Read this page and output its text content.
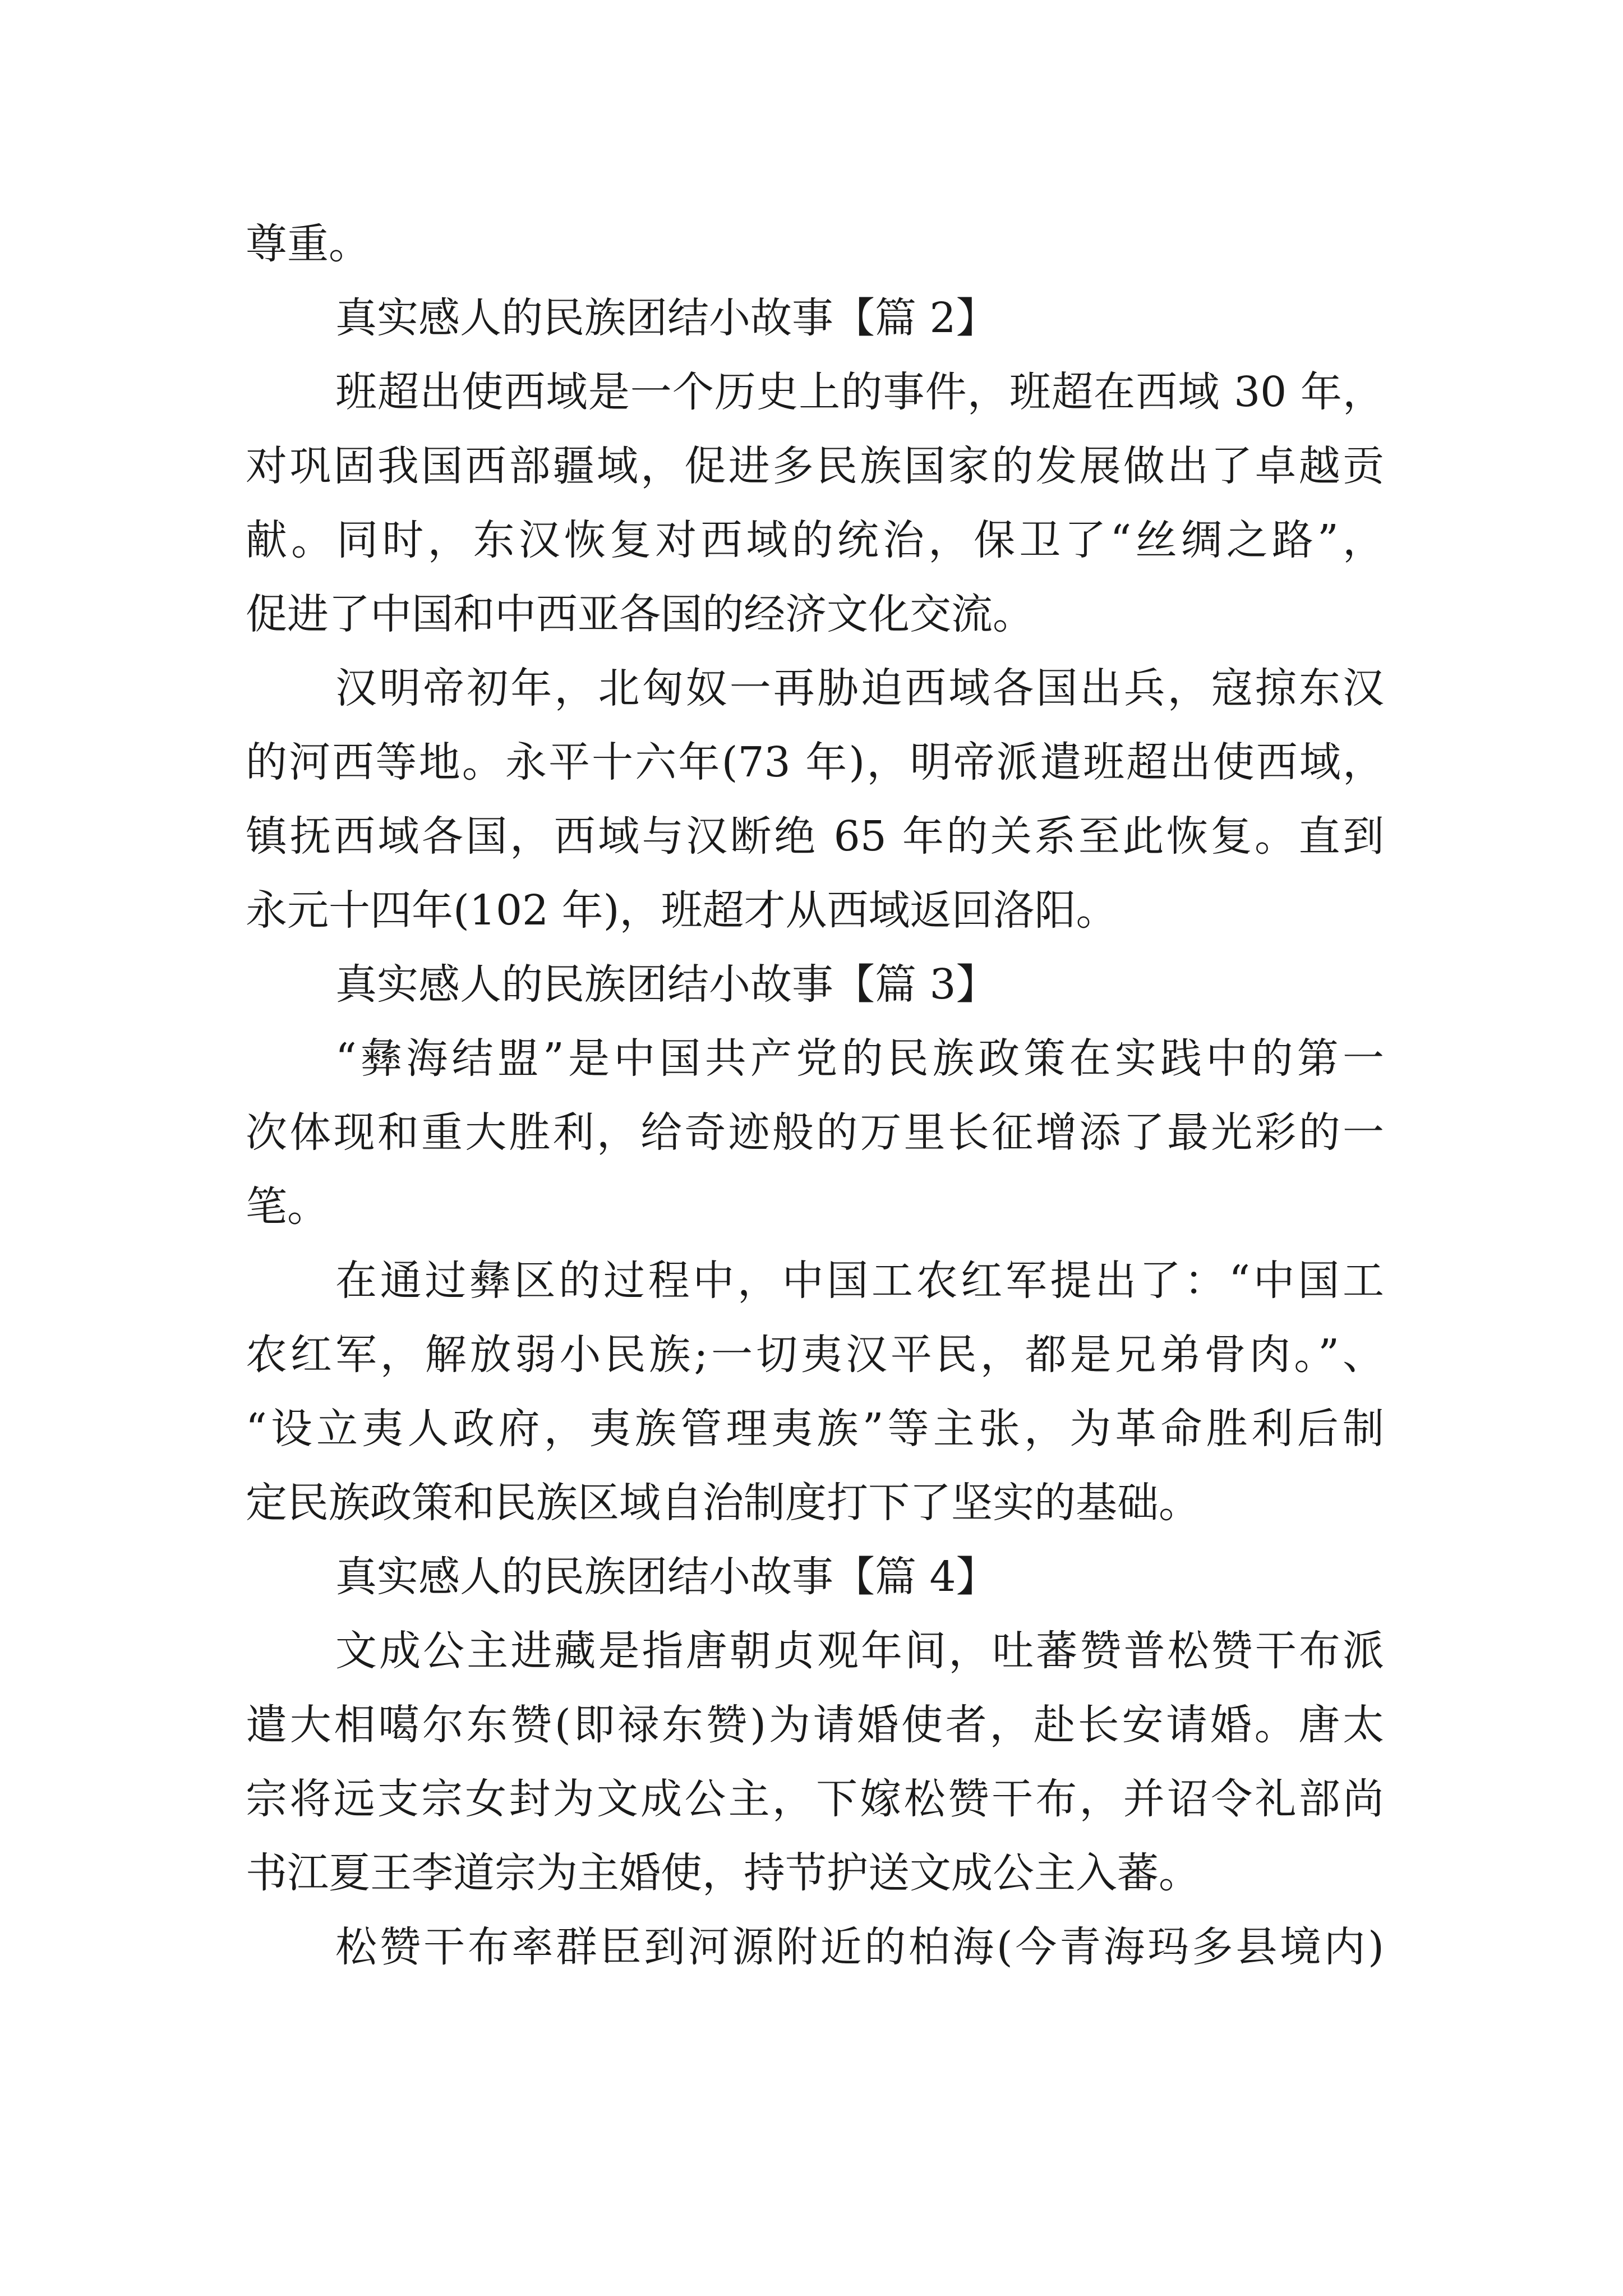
尊重。

真实感人的民族团结小故事【篇 2】

班超出使西域是一个历史上的事件，班超在西域 30 年，

对巩固我国西部疆域，促进多民族国家的发展做出了卓越贡

献。同时，东汉恢复对西域的统治，保卫了“丝绸之路”，

促进了中国和中西亚各国的经济文化交流。

汉明帝初年，北匈奴一再胁迫西域各国出兵，寇掠东汉

的河西等地。永平十六年(73 年)，明帝派遣班超出使西域，

镇抚西域各国，西域与汉断绝 65 年的关系至此恢复。直到

永元十四年(102 年)，班超才从西域返回洛阳。

真实感人的民族团结小故事【篇 3】

“彝海结盟”是中国共产党的民族政策在实践中的第一

次体现和重大胜利，给奇迹般的万里长征增添了最光彩的一

笔。

在通过彝区的过程中，中国工农红军提出了：“中国工

农红军，解放弱小民族;一切夷汉平民，都是兄弟骨肉。”、

“设立夷人政府，夷族管理夷族”等主张，为革命胜利后制

定民族政策和民族区域自治制度打下了坚实的基础。

真实感人的民族团结小故事【篇 4】

文成公主进藏是指唐朝贞观年间，吐蕃赞普松赞干布派

遣大相噶尔东赞(即禄东赞)为请婚使者，赴长安请婚。唐太

宗将远支宗女封为文成公主，下嫁松赞干布，并诏令礼部尚

书江夏王李道宗为主婚使，持节护送文成公主入蕃。

松赞干布率群臣到河源附近的柏海(今青海玛多县境内)
